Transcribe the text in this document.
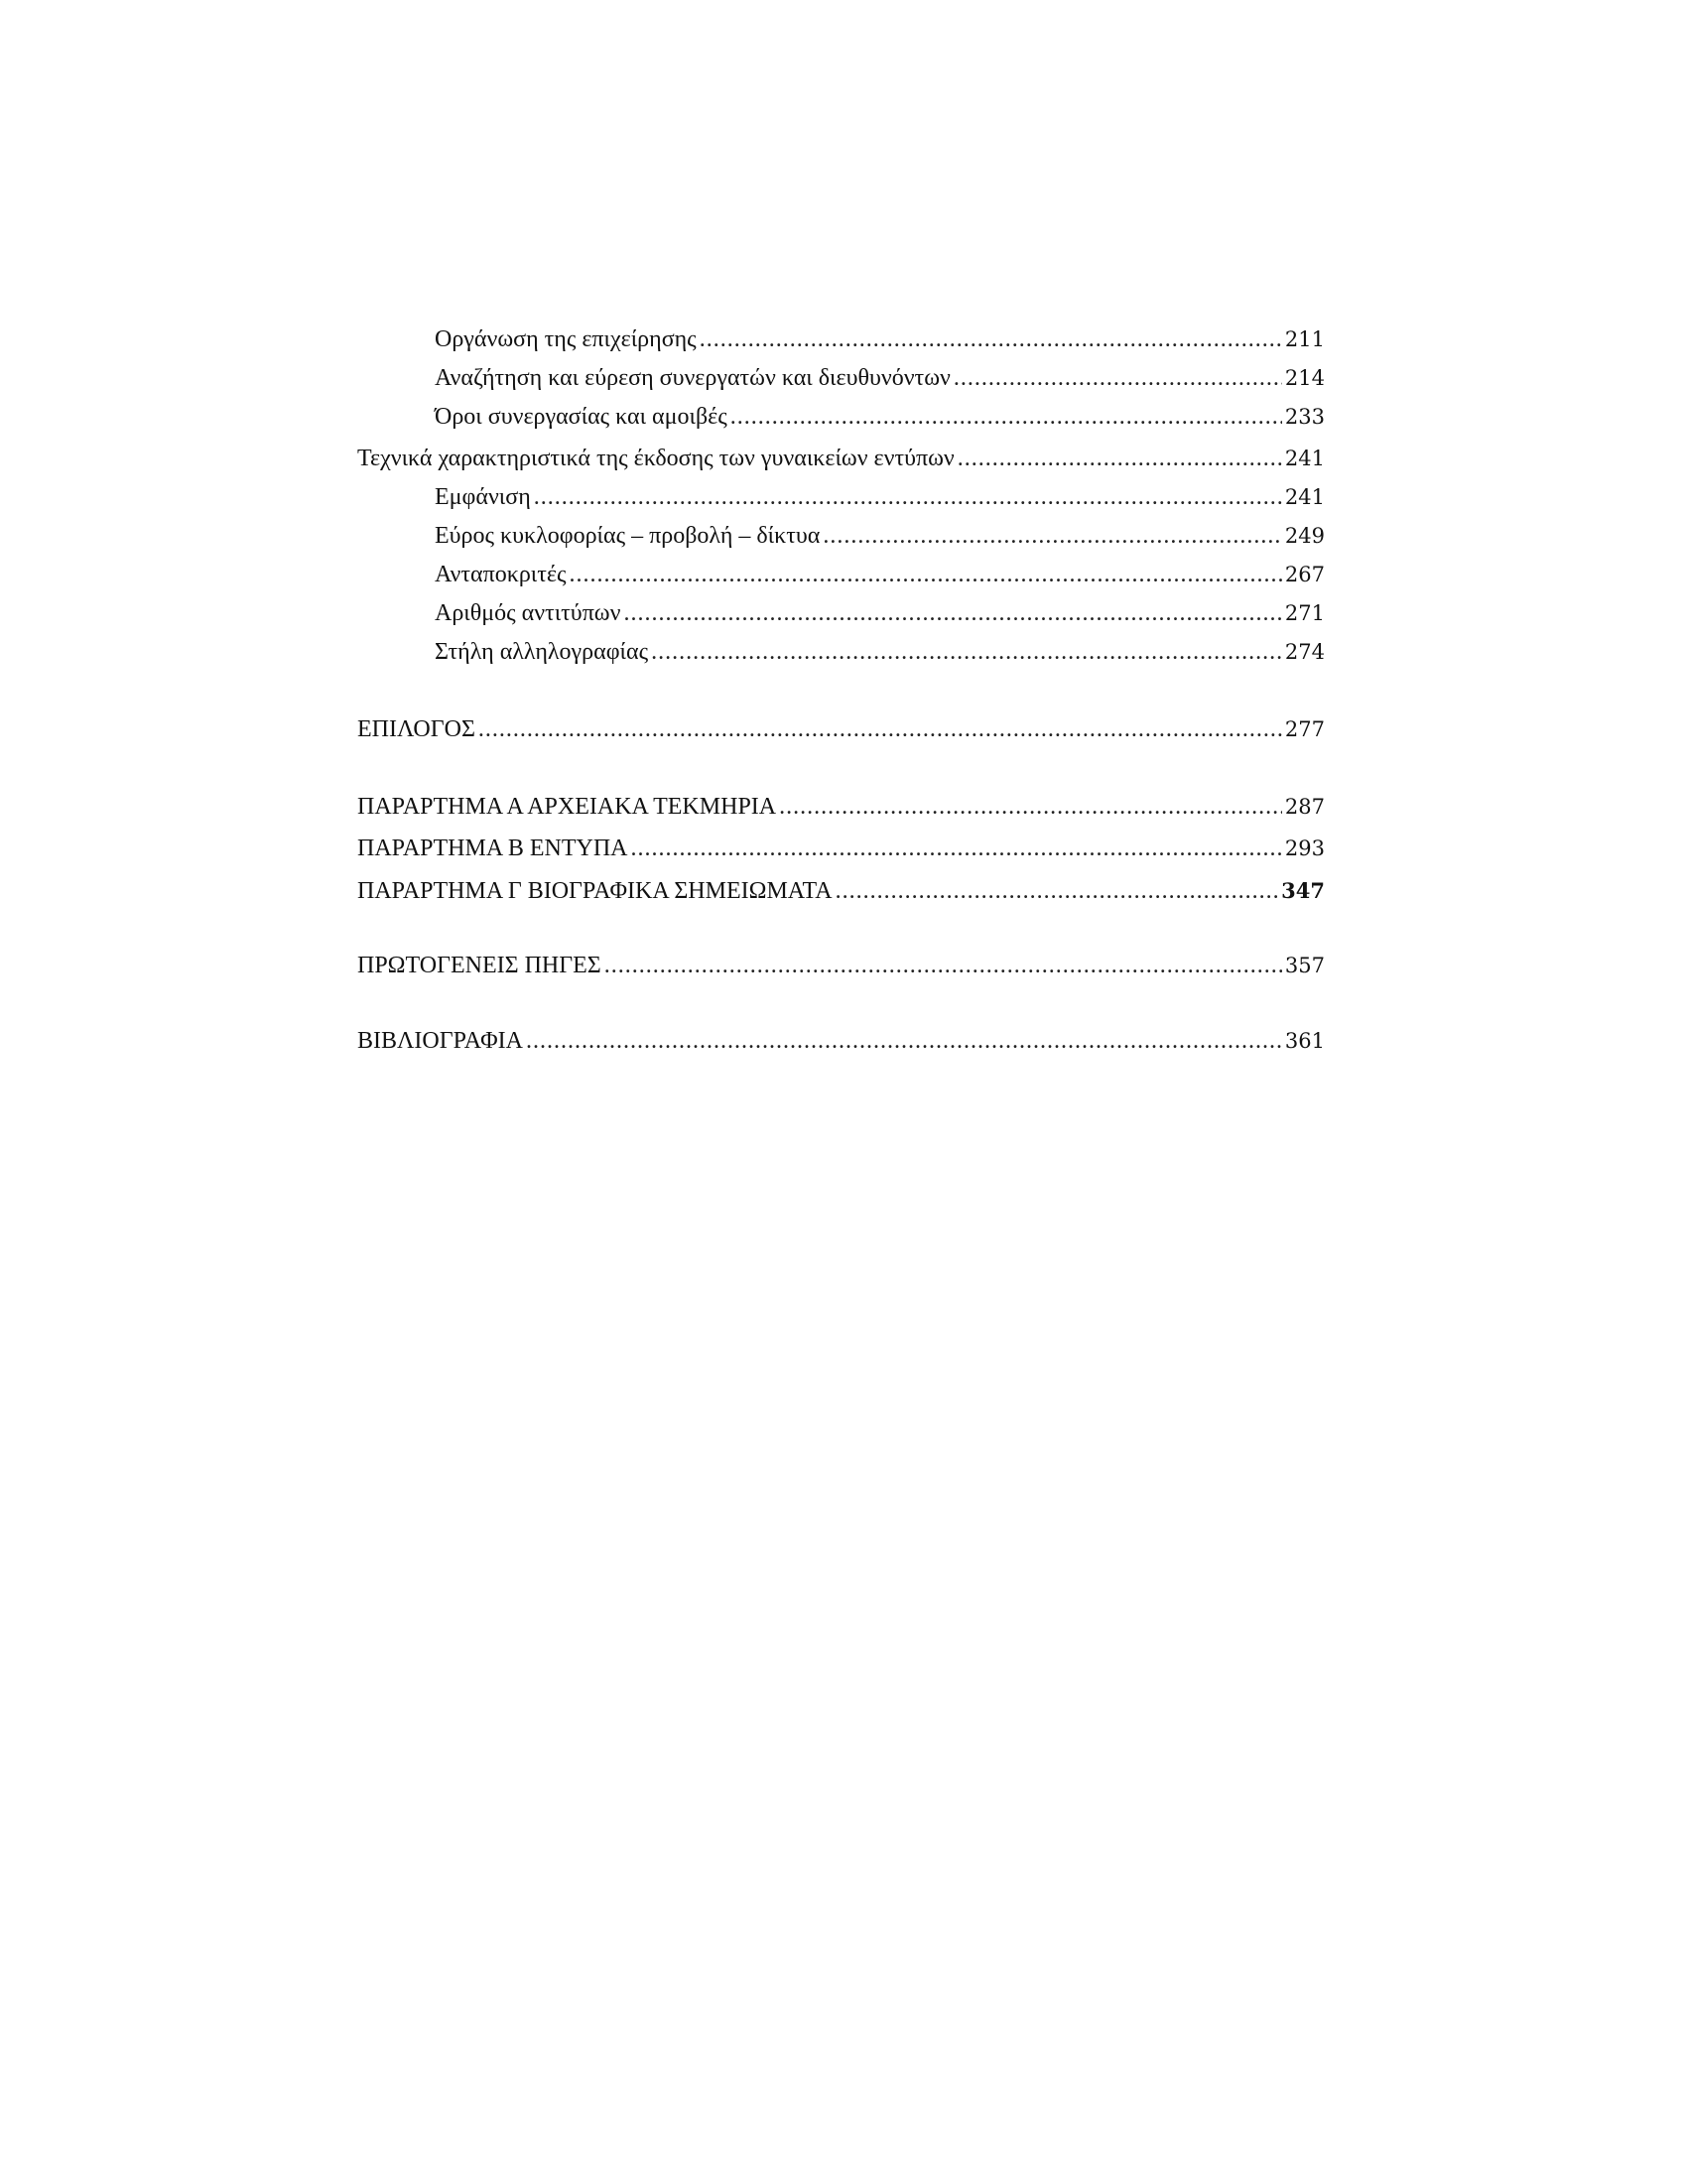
Οργάνωση της επιχείρησης .....	211
Αναζήτηση και εύρεση συνεργατών και διευθυνόντων .....	214
Όροι συνεργασίας και αμοιβές .....	233
Τεχνικά χαρακτηριστικά της έκδοσης των γυναικείων εντύπων .....	241
Εμφάνιση .....	241
Εύρος κυκλοφορίας – προβολή – δίκτυα .....	249
Ανταποκριτές .....	267
Αριθμός αντιτύπων .....	271
Στήλη αλληλογραφίας .....	274
ΕΠΙΛΟΓΟΣ .....	277
ΠΑΡΑΡΤΗΜΑ Α ΑΡΧΕΙΑΚΑ ΤΕΚΜΗΡΙΑ .....	287
ΠΑΡΑΡΤΗΜΑ Β ΕΝΤΥΠΑ .....	293
ΠΑΡΑΡΤΗΜΑ Γ ΒΙΟΓΡΑΦΙΚΑ ΣΗΜΕΙΩΜΑΤΑ .....	347
ΠΡΩΤΟΓΕΝΕΙΣ ΠΗΓΕΣ .....	357
ΒΙΒΛΙΟΓΡΑΦΙΑ .....	361
